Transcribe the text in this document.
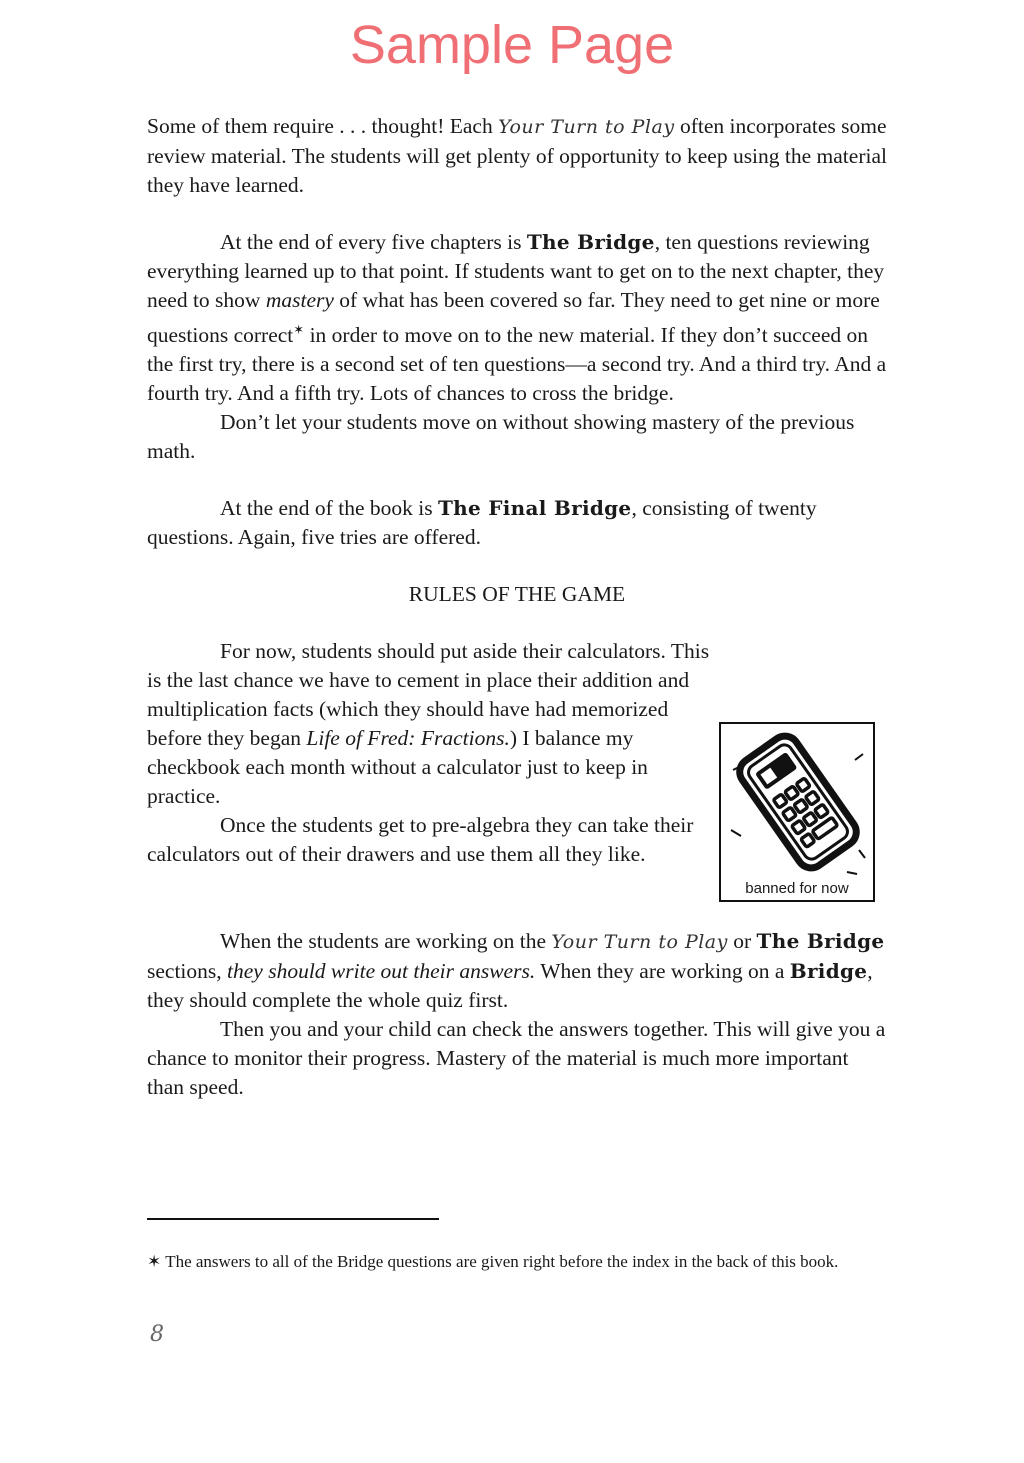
Sample Page

Some of them require . . . thought! Each Your Turn to Play often incorporates some review material. The students will get plenty of opportunity to keep using the material they have learned.

At the end of every five chapters is The Bridge, ten questions reviewing everything learned up to that point. If students want to get on to the next chapter, they need to show mastery of what has been covered so far. They need to get nine or more questions correct✶ in order to move on to the new material. If they don’t succeed on the first try, there is a second set of ten questions—a second try. And a third try. And a fourth try. And a fifth try. Lots of chances to cross the bridge.

Don’t let your students move on without showing mastery of the previous math.

At the end of the book is The Final Bridge, consisting of twenty questions. Again, five tries are offered.

RULES OF THE GAME

For now, students should put aside their calculators. This is the last chance we have to cement in place their addition and multiplication facts (which they should have had memorized before they began Life of Fred: Fractions.) I balance my checkbook each month without a calculator just to keep in practice.

Once the students get to pre-algebra they can take their calculators out of their drawers and use them all they like.

When the students are working on the Your Turn to Play or The Bridge sections, they should write out their answers. When they are working on a Bridge, they should complete the whole quiz first.

Then you and your child can check the answers together. This will give you a chance to monitor their progress. Mastery of the material is much more important than speed.

banned for now

✶ The answers to all of the Bridge questions are given right before the index in the back of this book.

8
